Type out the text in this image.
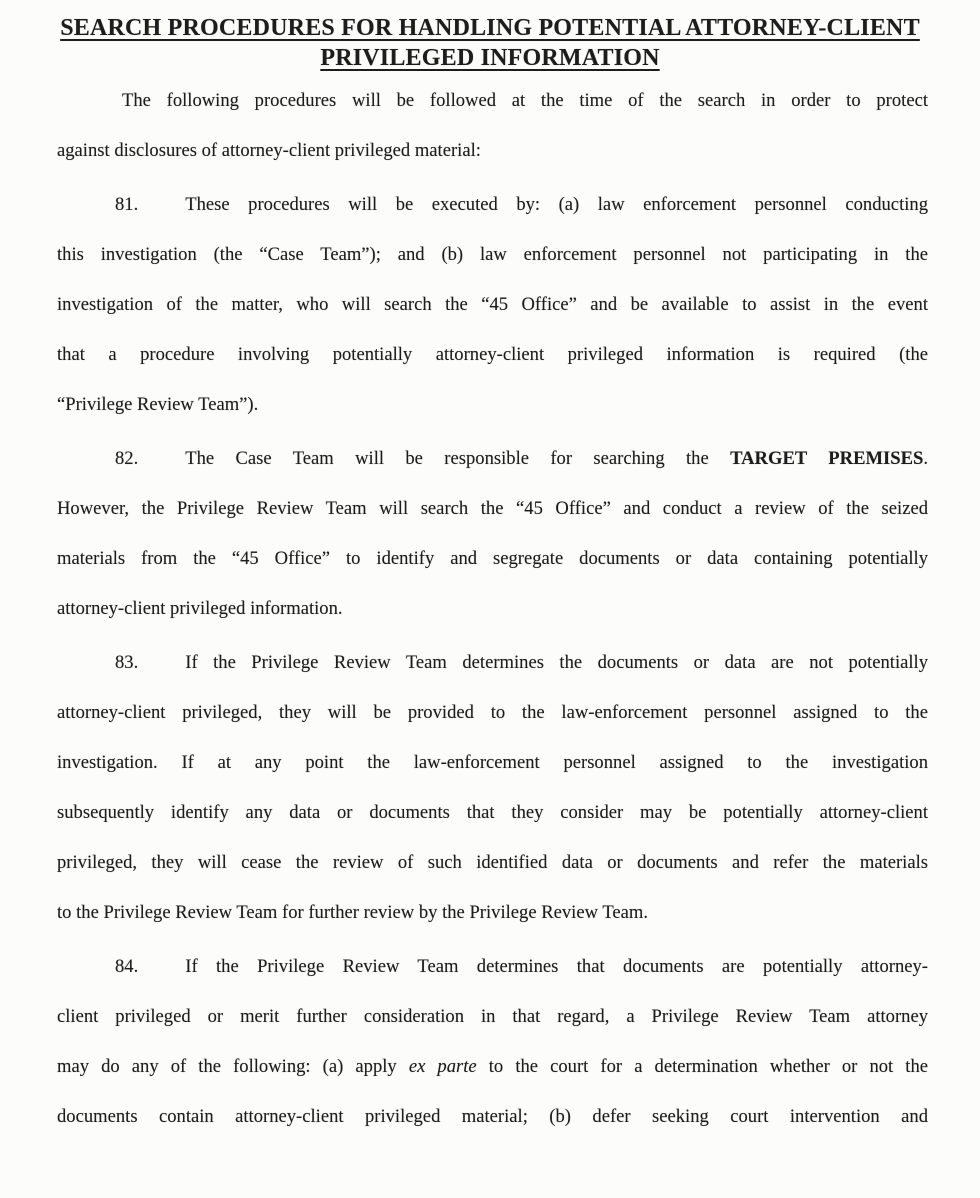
SEARCH PROCEDURES FOR HANDLING POTENTIAL ATTORNEY-CLIENT
PRIVILEGED INFORMATION
The following procedures will be followed at the time of the search in order to protect
against disclosures of attorney-client privileged material:
81.	These procedures will be executed by: (a) law enforcement personnel conducting
this investigation (the “Case Team”); and (b) law enforcement personnel not participating in the
investigation of the matter, who will search the “45 Office” and be available to assist in the event
that a procedure involving potentially attorney-client privileged information is required (the
“Privilege Review Team”).
82.	The Case Team will be responsible for searching the TARGET PREMISES.
However, the Privilege Review Team will search the “45 Office” and conduct a review of the seized
materials from the “45 Office” to identify and segregate documents or data containing potentially
attorney-client privileged information.
83.	If the Privilege Review Team determines the documents or data are not potentially
attorney-client privileged, they will be provided to the law-enforcement personnel assigned to the
investigation. If at any point the law-enforcement personnel assigned to the investigation
subsequently identify any data or documents that they consider may be potentially attorney-client
privileged, they will cease the review of such identified data or documents and refer the materials
to the Privilege Review Team for further review by the Privilege Review Team.
84.	If the Privilege Review Team determines that documents are potentially attorney-
client privileged or merit further consideration in that regard, a Privilege Review Team attorney
may do any of the following: (a) apply ex parte to the court for a determination whether or not the
documents contain attorney-client privileged material; (b) defer seeking court intervention and
